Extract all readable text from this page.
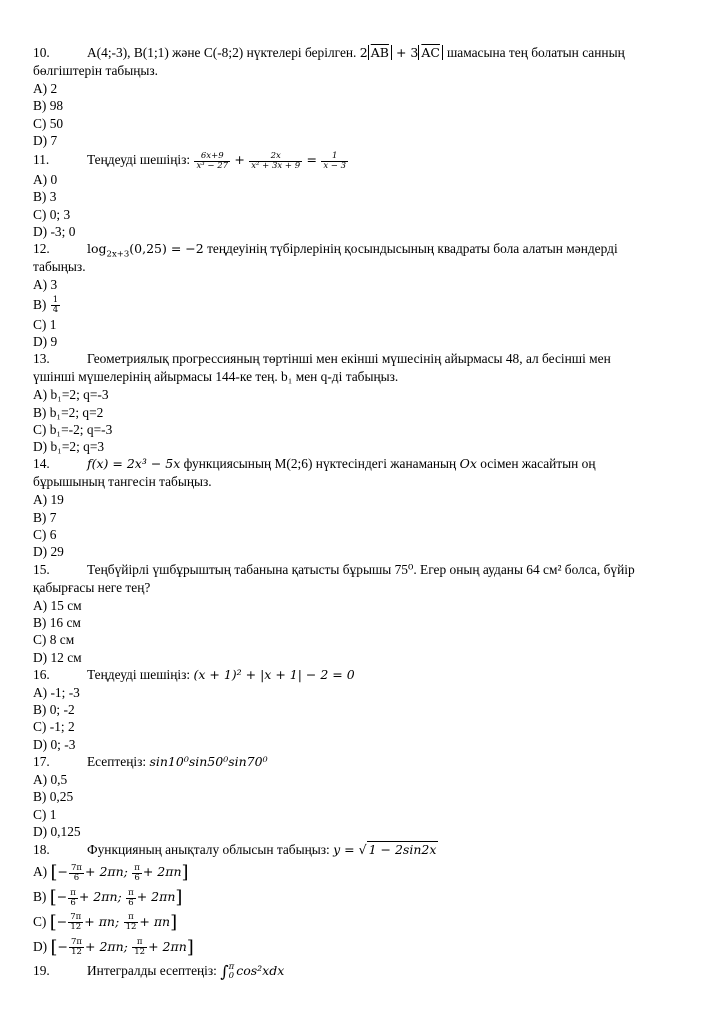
10.	A(4;-3), B(1;1) және C(-8;2) нүктелері берілген. 2 $\overline{AB} + 3$ $\overline{AC}$ шамасына тең болатын санның
бөлгіштерін табыңыз.
A) 2
B) 98
C) 50
D) 7
11.	Теңдеуді шешіңіз: $\frac{6x+9}{\text{x³ − 27}} + \frac{2x}{\text{x² + 3x + 9}} = \frac{1}{x - 3}$
A) 0
B) 3
C) 0; 3
D) -3; 0
12.	$\log_{2x+3}(0,25) = -2$ теңдеуінің түбірлерінің қосындысының квадраты бола алатын мәндерді
табыңыз.
A) 3
$B) \frac{1}{4}$
C) 1
D) 9
13.	Геометриялық прогрессияның төртінші мен екінші мүшесінің айырмасы 48, ал бесінші мен
үшінші мүшелерінің айырмасы 144-ке тең. b₁ мен q-ді табыңыз.
A) b₁=2; q=-3
B) b₁=2; q=2
C) b₁=-2; q=-3
D) b₁=2; q=3
14.	f(x) = 2x³ − 5x функциясының M(2;6) нүктесіндегі жанаманың Ox осімен жасайтын оң
бұрышының тангесін табыңыз.
A) 19
B) 7
C) 6
D) 29
15.	Теңбүйірлі үшбұрыштың табанына қатысты бұрышы 75⁰. Егер оның ауданы 64 см² болса, бүйір
қабырғасы неге тең?
A) 15 см
B) 16 см
C) 8 см
D) 12 см
16.	Теңдеуді шешіңіз: (x + 1)² + |x + 1| − 2 = 0
A) -1; -3
B) 0; -2
C) -1; 2
D) 0; -3
17.	Есептеңіз: sin10⁰sin50⁰sin70⁰
A) 0,5
B) 0,25
C) 1
D) 0,125
18.	Функцияның анықталу облысын табыңыз: y = √ 1 − 2sin2x
A) [− $\frac{7\pi}{6} + 2\pi n$; $\frac{\pi}{6} + 2\pi n$]
B) [− $\frac{\pi}{6} + 2\pi n$; $\frac{\pi}{6} + 2\pi n$]
C) [− $\frac{7\pi}{12} + \pi n$; $\frac{\pi}{12} + \pi n$]
D) [− $\frac{7\pi}{12} + 2\pi n$; $\frac{\pi}{12} + 2\pi n$]
19.	Интегралды есептеңіз: ∫ π
0 cos²xdx
